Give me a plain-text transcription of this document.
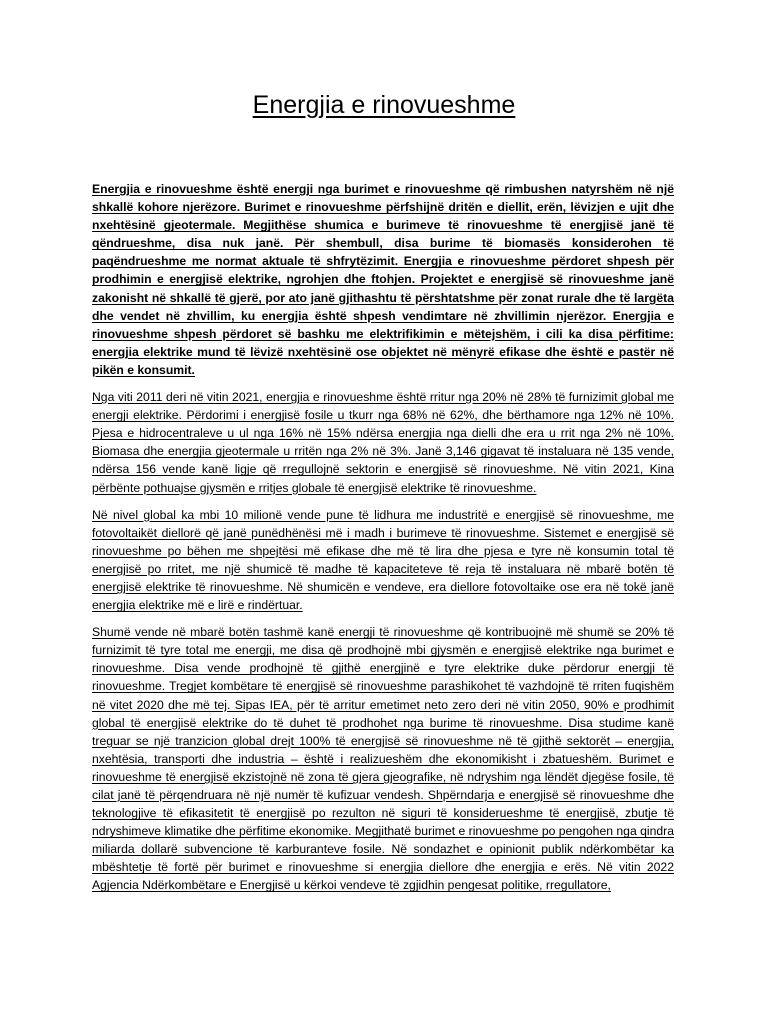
Energjia e rinovueshme

Energjia e rinovueshme është energji nga burimet e rinovueshme që rimbushen natyrshëm në një shkallë kohore njerëzore. Burimet e rinovueshme përfshijnë dritën e diellit, erën, lëvizjen e ujit dhe nxehtësinë gjeotermale. Megjithëse shumica e burimeve të rinovueshme të energjisë janë të qëndrueshme, disa nuk janë. Për shembull, disa burime të biomasës konsiderohen të paqëndrueshme me normat aktuale të shfrytëzimit. Energjia e rinovueshme përdoret shpesh për prodhimin e energjisë elektrike, ngrohjen dhe ftohjen. Projektet e energjisë së rinovueshme janë zakonisht në shkallë të gjerë, por ato janë gjithashtu të përshtatshme për zonat rurale dhe të largëta dhe vendet në zhvillim, ku energjia është shpesh vendimtare në zhvillimin njerëzor. Energjia e rinovueshme shpesh përdoret së bashku me elektrifikimin e mëtejshëm, i cili ka disa përfitime: energjia elektrike mund të lëvizë nxehtësinë ose objektet në mënyrë efikase dhe është e pastër në pikën e konsumit.

Nga viti 2011 deri në vitin 2021, energjia e rinovueshme është rritur nga 20% në 28% të furnizimit global me energji elektrike. Përdorimi i energjisë fosile u tkurr nga 68% në 62%, dhe bërthamore nga 12% në 10%. Pjesa e hidrocentraleve u ul nga 16% në 15% ndërsa energjia nga dielli dhe era u rrit nga 2% në 10%. Biomasa dhe energjia gjeotermale u rritën nga 2% në 3%. Janë 3,146 gigavat të instaluara në 135 vende, ndërsa 156 vende kanë ligje që rregullojnë sektorin e energjisë së rinovueshme. Në vitin 2021, Kina përbënte pothuajse gjysmën e rritjes globale të energjisë elektrike të rinovueshme.

Në nivel global ka mbi 10 milionë vende pune të lidhura me industritë e energjisë së rinovueshme, me fotovoltaikët diellorë që janë punëdhënësi më i madh i burimeve të rinovueshme. Sistemet e energjisë së rinovueshme po bëhen me shpejtësi më efikase dhe më të lira dhe pjesa e tyre në konsumin total të energjisë po rritet, me një shumicë të madhe të kapaciteteve të reja të instaluara në mbarë botën të energjisë elektrike të rinovueshme. Në shumicën e vendeve, era diellore fotovoltaike ose era në tokë janë energjia elektrike më e lirë e rindërtuar.

Shumë vende në mbarë botën tashmë kanë energji të rinovueshme që kontribuojnë më shumë se 20% të furnizimit të tyre total me energji, me disa që prodhojnë mbi gjysmën e energjisë elektrike nga burimet e rinovueshme. Disa vende prodhojnë të gjithë energjinë e tyre elektrike duke përdorur energji të rinovueshme. Tregjet kombëtare të energjisë së rinovueshme parashikohet të vazhdojnë të rriten fuqishëm në vitet 2020 dhe më tej. Sipas IEA, për të arritur emetimet neto zero deri në vitin 2050, 90% e prodhimit global të energjisë elektrike do të duhet të prodhohet nga burime të rinovueshme. Disa studime kanë treguar se një tranzicion global drejt 100% të energjisë së rinovueshme në të gjithë sektorët – energjia, nxehtësia, transporti dhe industria – është i realizueshëm dhe ekonomikisht i zbatueshëm. Burimet e rinovueshme të energjisë ekzistojnë në zona të gjera gjeografike, në ndryshim nga lëndët djegëse fosile, të cilat janë të përqendruara në një numër të kufizuar vendesh. Shpërndarja e energjisë së rinovueshme dhe teknologjive të efikasitetit të energjisë po rezulton në siguri të konsiderueshme të energjisë, zbutje të ndryshimeve klimatike dhe përfitime ekonomike. Megjithatë burimet e rinovueshme po pengohen nga qindra miliarda dollarë subvencione të karburanteve fosile. Në sondazhet e opinionit publik ndërkombëtar ka mbështetje të fortë për burimet e rinovueshme si energjia diellore dhe energjia e erës. Në vitin 2022 Agjencia Ndërkombëtare e Energjisë u kërkoi vendeve të zgjidhin pengesat politike, rregullatore,
